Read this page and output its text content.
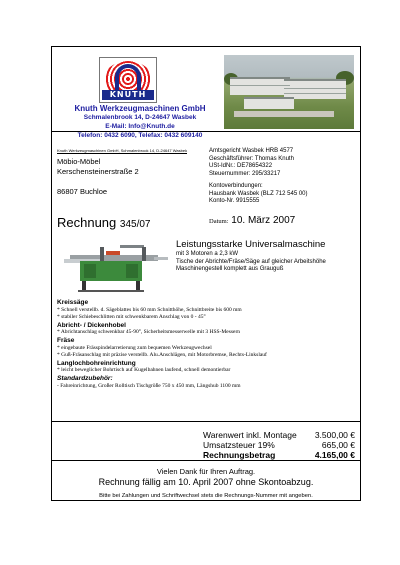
KNUTH
Knuth Werkzeugmaschinen GmbH
Schmalenbrook 14, D-24647 Wasbek
E-Mail: Info@Knuth.de
Telefon: 0432 6090, Telefax: 0432 609140
Knuth Werkzeugmaschinen GmbH, Schmalenbrook 14, D-24647 Wasbek
Möbio-Möbel
Kerschensteinerstraße 2
86807 Buchloe
Amtsgericht Wasbek HRB 4577
Geschäftsführer: Thomas Knuth
USt-IdNr.: DE78654322
Steuernummer: 295/33217
Kontoverbindungen:
Hausbank Wasbek (BLZ 712 545 00)
Konto-Nr. 9915555
Rechnung 345/07	Datum: 10. März 2007
Leistungsstarke Universalmaschine
mit 3 Motoren a 2,3 kW
Tische der Abrichte/Fräse/Säge auf gleicher Arbeitshöhe
Maschinengestell komplett aus Grauguß
Kreissäge
* Schnell verstellb. d. Sägeblattes bis 60 mm Schnitthöhe, Schnittbreite bis 600 mm
* stabiler Schiebeschlitten mit schwenkbarem Anschlag von 0 - 45°
Abricht- / Dickenhobel
* Abrichtanschlag schwenkbar 45-90°, Sicherheitsmesserwelle mit 3 HSS-Messern
Fräse
* eingebaute Frässpindelarretierung zum bequemen Werkzeugwechsel
* Guß-Fräsanschlag mit präzise verstellb. Alu.Anschlägen, mit Motorbremse, Rechts-Linkslauf
Langlochbohreinrichtung
* leicht beweglicher Bohrtisch auf Kugelbahnen laufend, schnell demontierbar
Standardzubehör:
- Fahreinrichtung, Großer Rolltisch Tischgröße 750 x 450 mm, Längshub 1100 mm
Warenwert inkl. Montage 3.500,00 €
Umsatzsteuer 19%	665,00 €
Rechnungsbetrag	4.165,00 €
Vielen Dank für Ihren Auftrag.
Rechnung fällig am 10. April 2007 ohne Skontoabzug.
Bitte bei Zahlungen und Schriftwechsel stets die Rechnungs-Nummer mit angeben.
